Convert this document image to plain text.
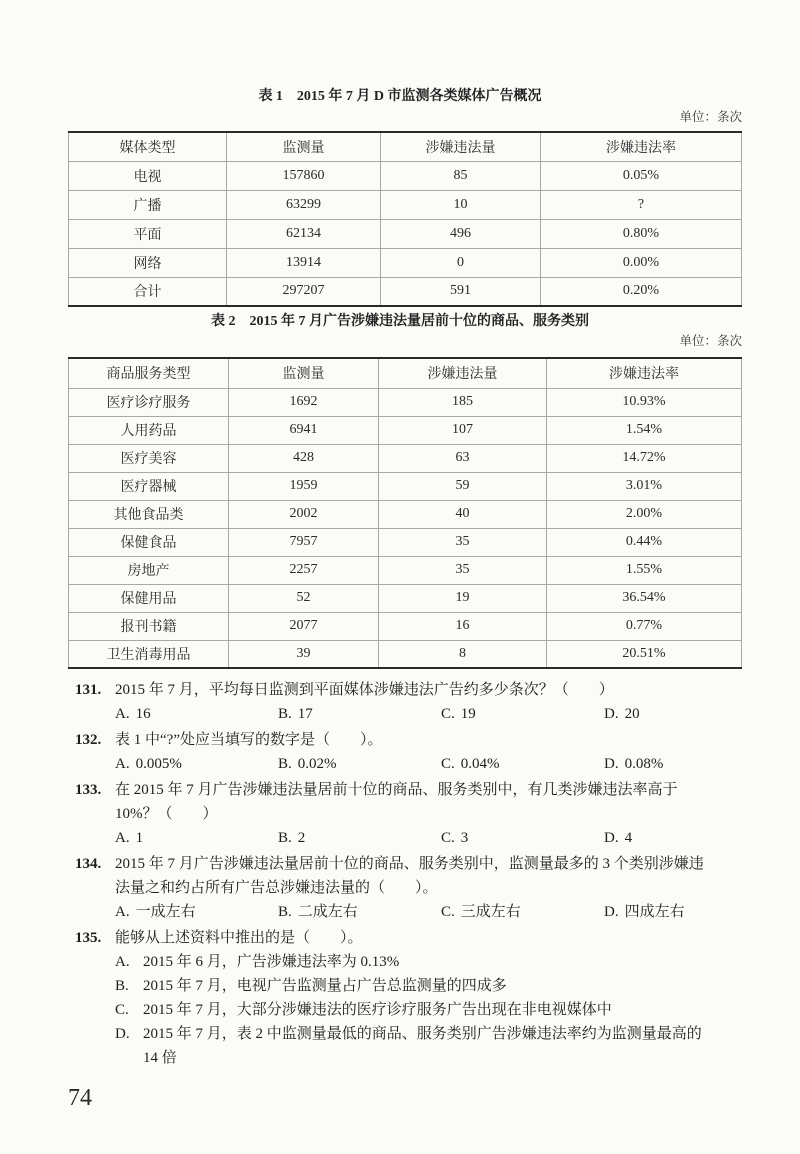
表 1　2015 年 7 月 D 市监测各类媒体广告概况
单位：条次
媒体类型	监测量	涉嫌违法量	涉嫌违法率
电视	157860	85	0.05%
广播	63299	10	?
平面	62134	496	0.80%
网络	13914	0	0.00%
合计	297207	591	0.20%
表 2　2015 年 7 月广告涉嫌违法量居前十位的商品、服务类别
单位：条次
商品服务类型	监测量	涉嫌违法量	涉嫌违法率
医疗诊疗服务	1692	185	10.93%
人用药品	6941	107	1.54%
医疗美容	428	63	14.72%
医疗器械	1959	59	3.01%
其他食品类	2002	40	2.00%
保健食品	7957	35	0.44%
房地产	2257	35	1.55%
保健用品	52	19	36.54%
报刊书籍	2077	16	0.77%
卫生消毒用品	39	8	20.51%
131. 2015 年 7 月，平均每日监测到平面媒体涉嫌违法广告约多少条次？（　　）
A. 16	B. 17	C. 19	D. 20
132. 表 1 中“?”处应当填写的数字是（　　）。
A. 0.005%	B. 0.02%	C. 0.04%	D. 0.08%
133. 在 2015 年 7 月广告涉嫌违法量居前十位的商品、服务类别中，有几类涉嫌违法率高于
10%？（　　）
A. 1	B. 2	C. 3	D. 4
134. 2015 年 7 月广告涉嫌违法量居前十位的商品、服务类别中，监测量最多的 3 个类别涉嫌违
法量之和约占所有广告总涉嫌违法量的（　　）。
A. 一成左右	B. 二成左右	C. 三成左右	D. 四成左右
135. 能够从上述资料中推出的是（　　）。
A. 2015 年 6 月，广告涉嫌违法率为 0.13%
B. 2015 年 7 月，电视广告监测量占广告总监测量的四成多
C. 2015 年 7 月，大部分涉嫌违法的医疗诊疗服务广告出现在非电视媒体中
D. 2015 年 7 月，表 2 中监测量最低的商品、服务类别广告涉嫌违法率约为监测量最高的
14 倍
74
